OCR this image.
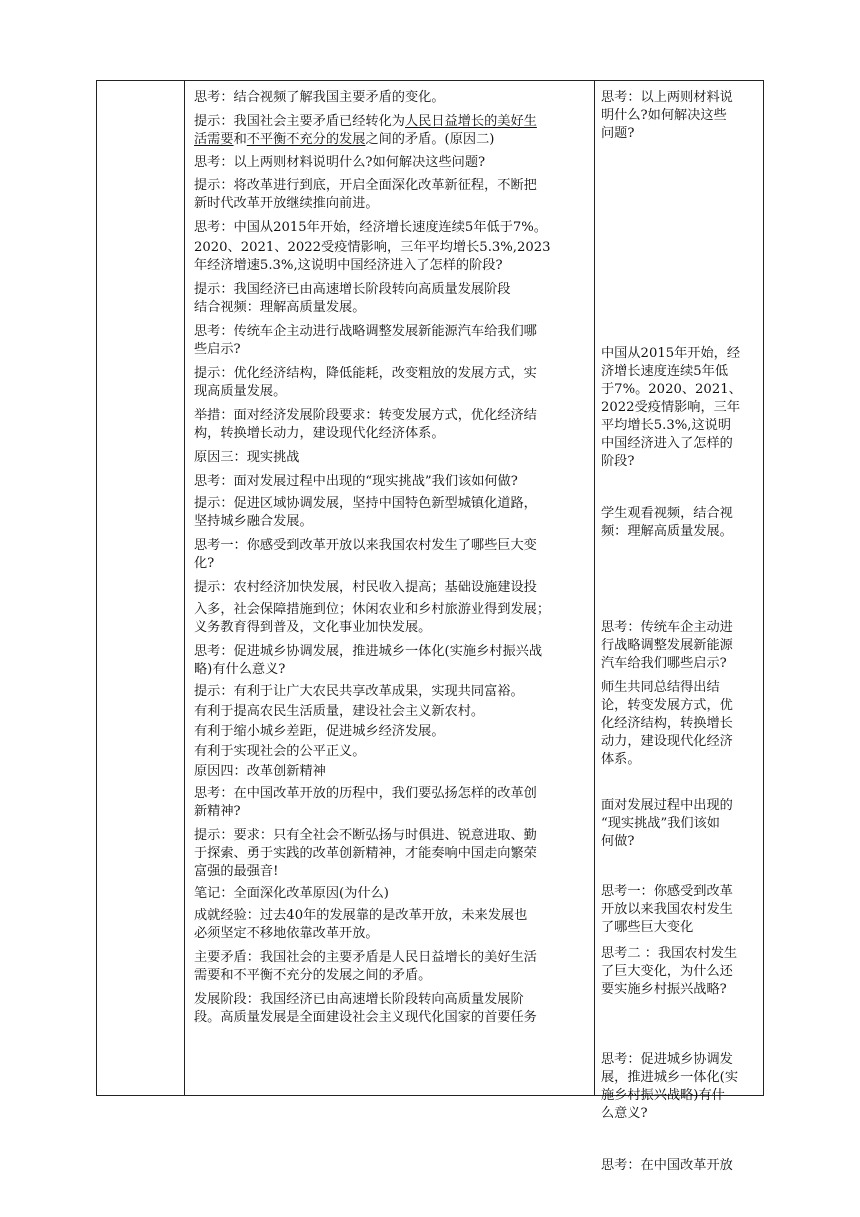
思考：结合视频了解我国主要矛盾的变化。
提示：我国社会主要矛盾已经转化为人民日益增长的美好生
活需要和不平衡不充分的发展之间的矛盾。(原因二)
思考：以上两则材料说明什么?如何解决这些问题?
提示：将改革进行到底，开启全面深化改革新征程，不断把
新时代改革开放继续推向前进。
思考：中国从2015年开始，经济增长速度连续5年低于7%。
2020、2021、2022受疫情影响，三年平均增长5.3%,2023
年经济增速5.3%,这说明中国经济进入了怎样的阶段?
提示：我国经济已由高速增长阶段转向高质量发展阶段
结合视频：理解高质量发展。
思考：传统车企主动进行战略调整发展新能源汽车给我们哪
些启示?
提示：优化经济结构，降低能耗，改变粗放的发展方式，实
现高质量发展。
举措：面对经济发展阶段要求：转变发展方式，优化经济结
构，转换增长动力，建设现代化经济体系。
原因三：现实挑战
思考：面对发展过程中出现的“现实挑战”我们该如何做?
提示：促进区域协调发展，坚持中国特色新型城镇化道路，
坚持城乡融合发展。
思考一：你感受到改革开放以来我国农村发生了哪些巨大变
化?
提示：农村经济加快发展，村民收入提高；基础设施建设投
入多，社会保障措施到位；休闲农业和乡村旅游业得到发展；
义务教育得到普及，文化事业加快发展。
思考：促进城乡协调发展，推进城乡一体化(实施乡村振兴战
略)有什么意义?
提示：有利于让广大农民共享改革成果，实现共同富裕。
有利于提高农民生活质量，建设社会主义新农村。
有利于缩小城乡差距，促进城乡经济发展。
有利于实现社会的公平正义。
原因四：改革创新精神
思考：在中国改革开放的历程中，我们要弘扬怎样的改革创
新精神?
提示：要求：只有全社会不断弘扬与时俱进、锐意进取、勤
于探索、勇于实践的改革创新精神，才能奏响中国走向繁荣
富强的最强音!
笔记：全面深化改革原因(为什么)
成就经验：过去40年的发展靠的是改革开放，未来发展也
必须坚定不移地依靠改革开放。
主要矛盾：我国社会的主要矛盾是人民日益增长的美好生活
需要和不平衡不充分的发展之间的矛盾。
发展阶段：我国经济已由高速增长阶段转向高质量发展阶
段。高质量发展是全面建设社会主义现代化国家的首要任务
思考：以上两则材料说
明什么?如何解决这些
问题?
中国从2015年开始，经
济增长速度连续5年低
于7%。2020、2021、
2022受疫情影响，三年
平均增长5.3%,这说明
中国经济进入了怎样的
阶段?
学生观看视频，结合视
频：理解高质量发展。
思考：传统车企主动进
行战略调整发展新能源
汽车给我们哪些启示?
师生共同总结得出结
论，转变发展方式，优
化经济结构，转换增长
动力，建设现代化经济
体系。
面对发展过程中出现的
“现实挑战”我们该如
何做?
思考一：你感受到改革
开放以来我国农村发生
了哪些巨大变化
思考二 ：我国农村发生
了巨大变化，为什么还
要实施乡村振兴战略?
思考：促进城乡协调发
展，推进城乡一体化(实
施乡村振兴战略)有什
么意义?
思考：在中国改革开放
